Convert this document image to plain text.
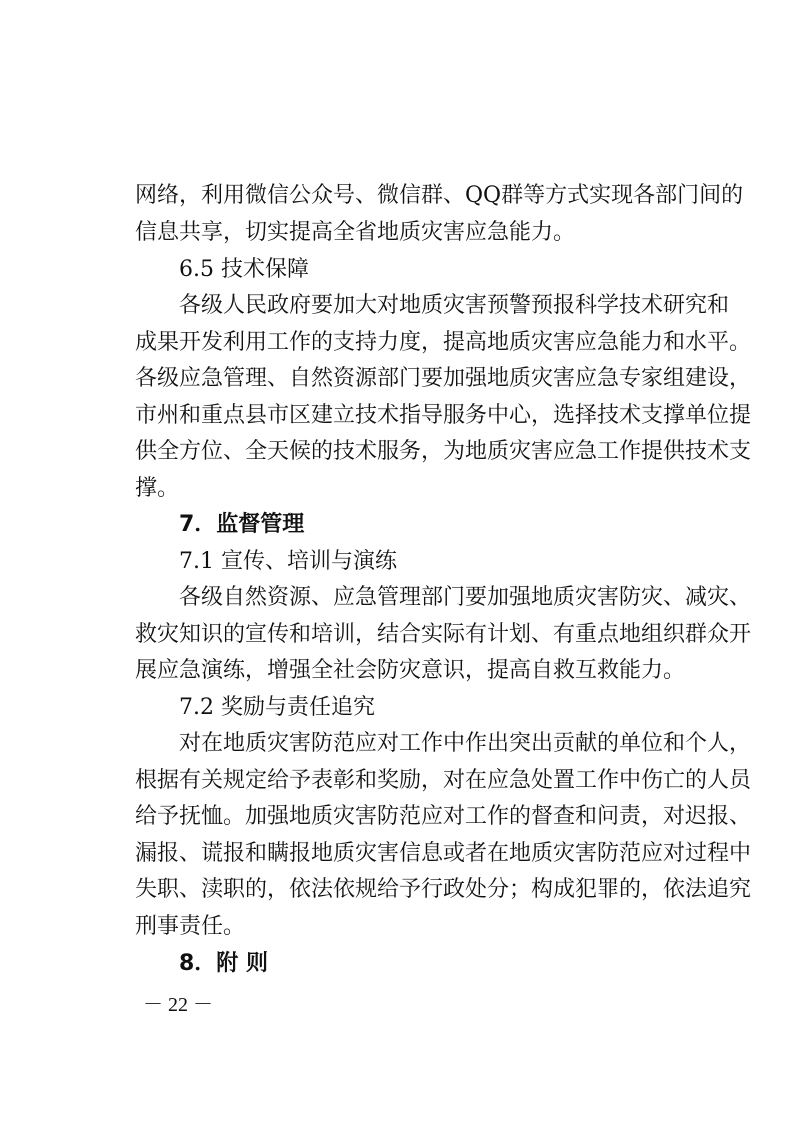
网络，利用微信公众号、微信群、QQ群等方式实现各部门间的
信息共享，切实提高全省地质灾害应急能力。
6.5 技术保障
各级人民政府要加大对地质灾害预警预报科学技术研究和
成果开发利用工作的支持力度，提高地质灾害应急能力和水平。
各级应急管理、自然资源部门要加强地质灾害应急专家组建设，
市州和重点县市区建立技术指导服务中心，选择技术支撑单位提
供全方位、全天候的技术服务，为地质灾害应急工作提供技术支
撑。
7．监督管理
7.1 宣传、培训与演练
各级自然资源、应急管理部门要加强地质灾害防灾、减灾、
救灾知识的宣传和培训，结合实际有计划、有重点地组织群众开
展应急演练，增强全社会防灾意识，提高自救互救能力。
7.2 奖励与责任追究
对在地质灾害防范应对工作中作出突出贡献的单位和个人，
根据有关规定给予表彰和奖励，对在应急处置工作中伤亡的人员
给予抚恤。加强地质灾害防范应对工作的督查和问责，对迟报、
漏报、谎报和瞒报地质灾害信息或者在地质灾害防范应对过程中
失职、渎职的，依法依规给予行政处分；构成犯罪的，依法追究
刑事责任。
8．附 则
－ 22 －
